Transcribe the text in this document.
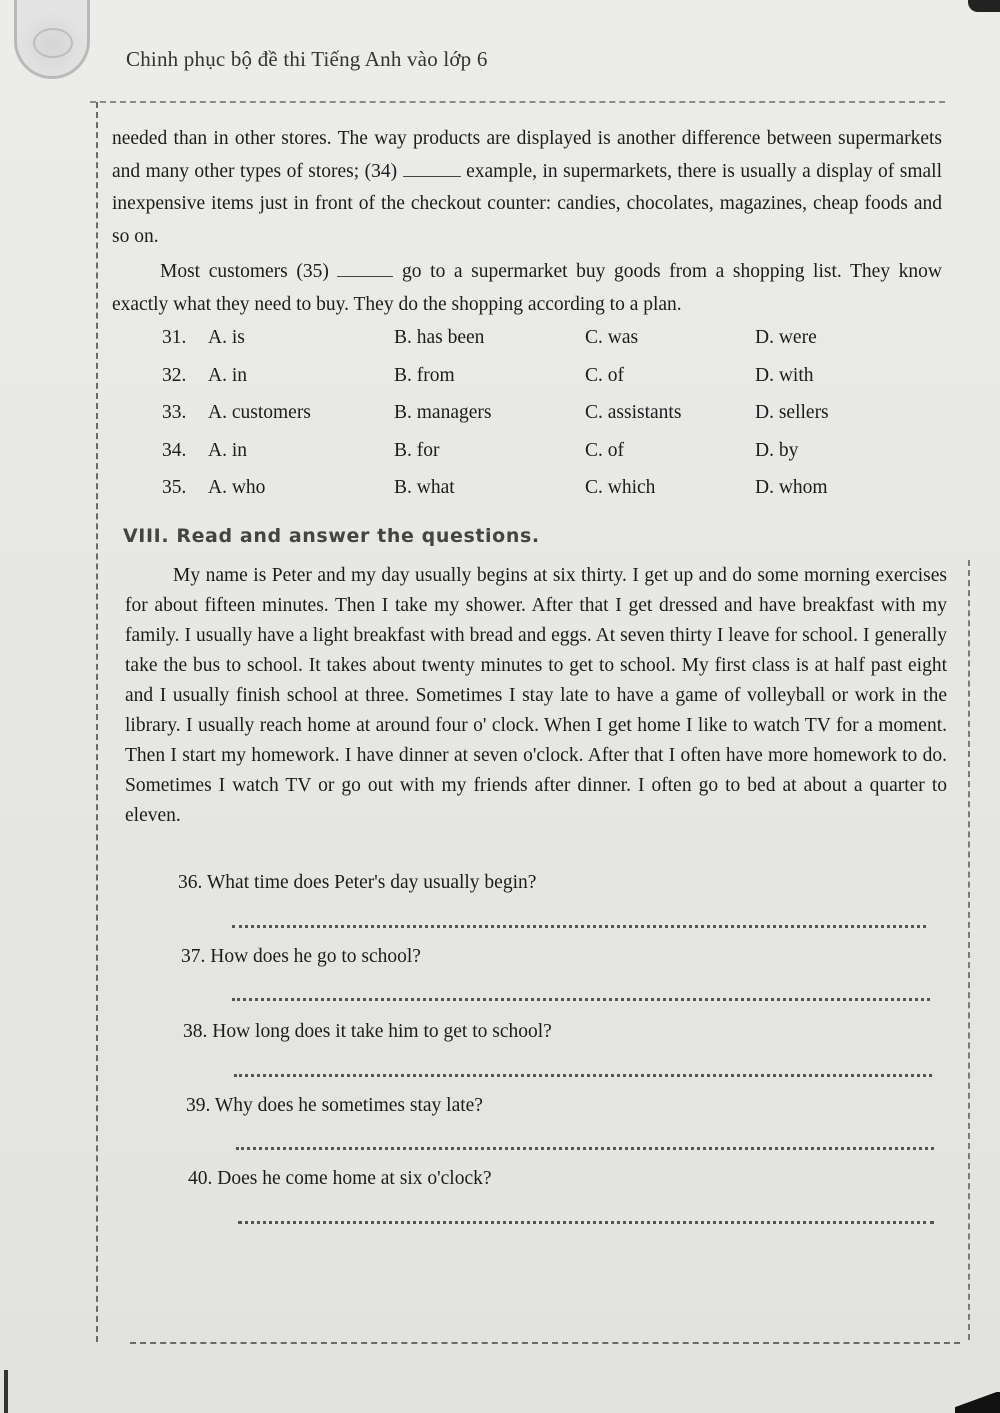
Chinh phục bộ đề thi Tiếng Anh vào lớp 6

needed than in other stores. The way products are displayed is another difference between supermarkets and many other types of stores; (34)	example, in supermarkets, there is usually a display of small inexpensive items just in front of the checkout counter: candies, chocolates, magazines, cheap foods and so on.

Most customers (35)	go to a supermarket buy goods from a shopping list. They know exactly what they need to buy. They do the shopping according to a plan.

31. A. is	B. has been	C. was	D. were
32. A. in	B. from	C. of	D. with
33. A. customers	B. managers	C. assistants	D. sellers
34. A. in	B. for	C. of	D. by
35. A. who	B. what	C. which	D. whom
VIII. Read and answer the questions.

My name is Peter and my day usually begins at six thirty. I get up and do some morning exercises for about fifteen minutes. Then I take my shower. After that I get dressed and have breakfast with my family. I usually have a light breakfast with bread and eggs. At seven thirty I leave for school. I generally take the bus to school. It takes about twenty minutes to get to school. My first class is at half past eight and I usually finish school at three. Sometimes I stay late to have a game of volleyball or work in the library. I usually reach home at around four o' clock. When I get home I like to watch TV for a moment. Then I start my homework. I have dinner at seven o'clock. After that I often have more homework to do. Sometimes I watch TV or go out with my friends after dinner. I often go to bed at about a quarter to eleven.

36. What time does Peter's day usually begin?

37. How does he go to school?

38. How long does it take him to get to school?

39. Why does he sometimes stay late?

40. Does he come home at six o'clock?
